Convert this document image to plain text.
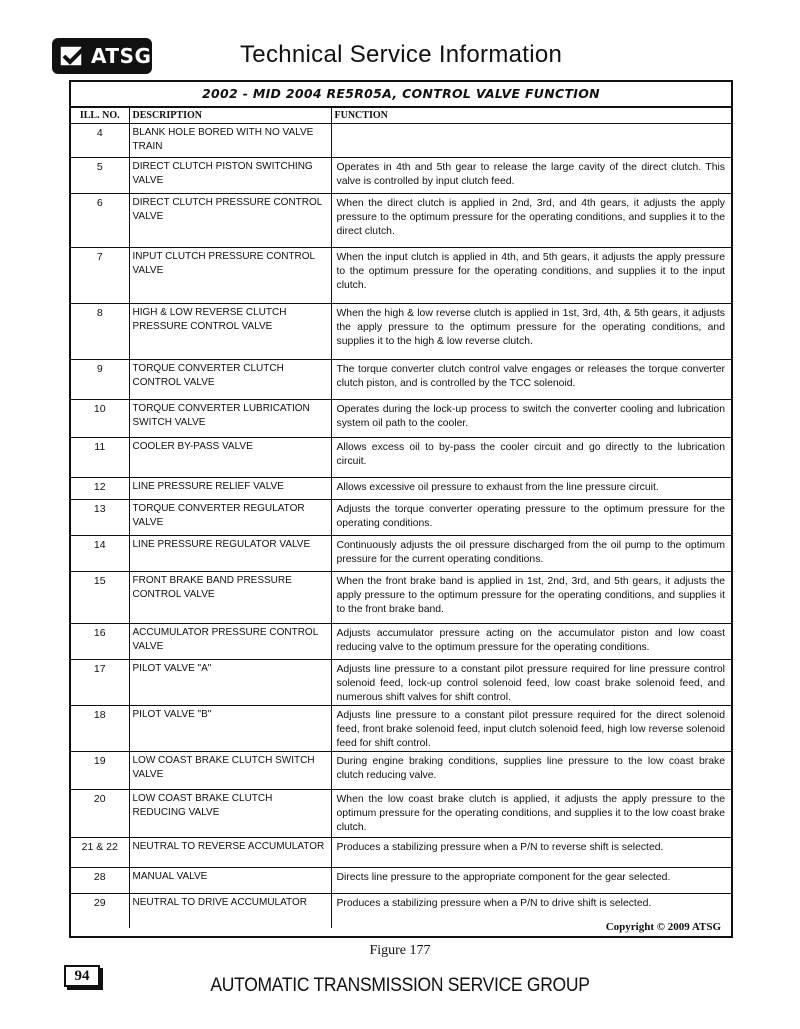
ATSG	Technical Service Information
2002 - MID 2004 RE5R05A, CONTROL VALVE FUNCTION
ILL. NO.	DESCRIPTION	FUNCTION
4	BLANK HOLE BORED WITH NO VALVE TRAIN	
5	DIRECT CLUTCH PISTON SWITCHING VALVE	Operates in 4th and 5th gear to release the large cavity of the direct clutch. This valve is controlled by input clutch feed.
6	DIRECT CLUTCH PRESSURE CONTROL VALVE	When the direct clutch is applied in 2nd, 3rd, and 4th gears, it adjusts the apply pressure to the optimum pressure for the operating conditions, and supplies it to the direct clutch.
7	INPUT CLUTCH PRESSURE CONTROL VALVE	When the input clutch is applied in 4th, and 5th gears, it adjusts the apply pressure to the optimum pressure for the operating conditions, and supplies it to the input clutch.
8	HIGH & LOW REVERSE CLUTCH PRESSURE CONTROL VALVE	When the high & low reverse clutch is applied in 1st, 3rd, 4th, & 5th gears, it adjusts the apply pressure to the optimum pressure for the operating conditions, and supplies it to the high & low reverse clutch.
9	TORQUE CONVERTER CLUTCH CONTROL VALVE	The torque converter clutch control valve engages or releases the torque converter clutch piston, and is controlled by the TCC solenoid.
10	TORQUE CONVERTER LUBRICATION SWITCH VALVE	Operates during the lock-up process to switch the converter cooling and lubrication system oil path to the cooler.
11	COOLER BY-PASS VALVE	Allows excess oil to by-pass the cooler circuit and go directly to the lubrication circuit.
12	LINE PRESSURE RELIEF VALVE	Allows excessive oil pressure to exhaust from the line pressure circuit.
13	TORQUE CONVERTER REGULATOR VALVE	Adjusts the torque converter operating pressure to the optimum pressure for the operating conditions.
14	LINE PRESSURE REGULATOR VALVE	Continuously adjusts the oil pressure discharged from the oil pump to the optimum pressure for the current operating conditions.
15	FRONT BRAKE BAND PRESSURE CONTROL VALVE	When the front brake band is applied in 1st, 2nd, 3rd, and 5th gears, it adjusts the apply pressure to the optimum pressure for the operating conditions, and supplies it to the front brake band.
16	ACCUMULATOR PRESSURE CONTROL VALVE	Adjusts accumulator pressure acting on the accumulator piston and low coast reducing valve to the optimum pressure for the operating conditions.
17	PILOT VALVE "A"	Adjusts line pressure to a constant pilot pressure required for line pressure control solenoid feed, lock-up control solenoid feed, low coast brake solenoid feed, and numerous shift valves for shift control.
18	PILOT VALVE "B"	Adjusts line pressure to a constant pilot pressure required for the direct solenoid feed, front brake solenoid feed, input clutch solenoid feed, high low reverse solenoid feed for shift control.
19	LOW COAST BRAKE CLUTCH SWITCH VALVE	During engine braking conditions, supplies line pressure to the low coast brake clutch reducing valve.
20	LOW COAST BRAKE CLUTCH REDUCING VALVE	When the low coast brake clutch is applied, it adjusts the apply pressure to the optimum pressure for the operating conditions, and supplies it to the low coast brake clutch.
21 & 22	NEUTRAL TO REVERSE ACCUMULATOR	Produces a stabilizing pressure when a P/N to reverse shift is selected.
28	MANUAL VALVE	Directs line pressure to the appropriate component for the gear selected.
29	NEUTRAL TO DRIVE ACCUMULATOR	Produces a stabilizing pressure when a P/N to drive shift is selected.
Copyright © 2009 ATSG
Figure 177
94	AUTOMATIC TRANSMISSION SERVICE GROUP
